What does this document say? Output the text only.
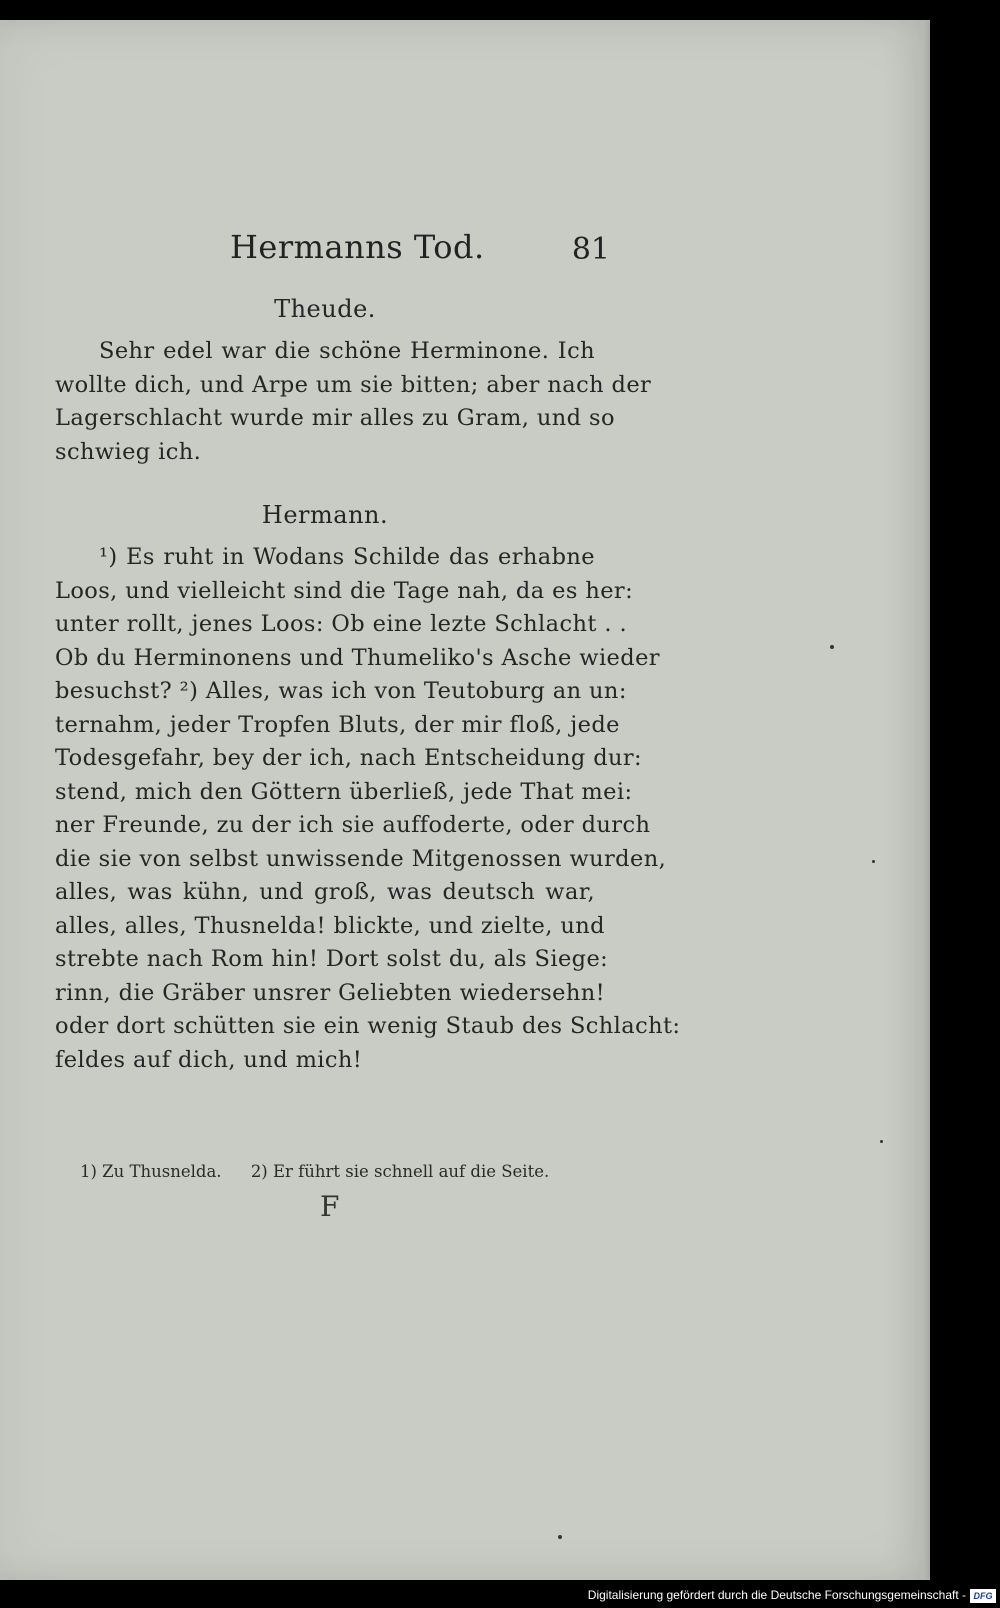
Hermanns Tod.	81
Theude.

Sehr edel war die schöne Herminone. Ich
wollte dich, und Arpe um sie bitten; aber nach der
Lagerschlacht wurde mir alles zu Gram, und so
schwieg ich.

Hermann.

¹) Es ruht in Wodans Schilde das erhabne
Loos, und vielleicht sind die Tage nah, da es her:
unter rollt, jenes Loos: Ob eine lezte Schlacht . .
Ob du Herminonens und Thumeliko's Asche wieder
besuchst? ²) Alles, was ich von Teutoburg an un:
ternahm, jeder Tropfen Bluts, der mir floß, jede
Todesgefahr, bey der ich, nach Entscheidung dur:
stend, mich den Göttern überließ, jede That mei:
ner Freunde, zu der ich sie auffoderte, oder durch
die sie von selbst unwissende Mitgenossen wurden,
alles, was kühn, und groß, was deutsch war,
alles, alles, Thusnelda! blickte, und zielte, und
strebte nach Rom hin! Dort solst du, als Siege:
rinn, die Gräber unsrer Geliebten wiedersehn!
oder dort schütten sie ein wenig Staub des Schlacht:
feldes auf dich, und mich!

1) Zu Thusnelda. 2) Er führt sie schnell auf die Seite.
F
Digitalisierung gefördert durch die Deutsche Forschungsgemeinschaft - DFG
